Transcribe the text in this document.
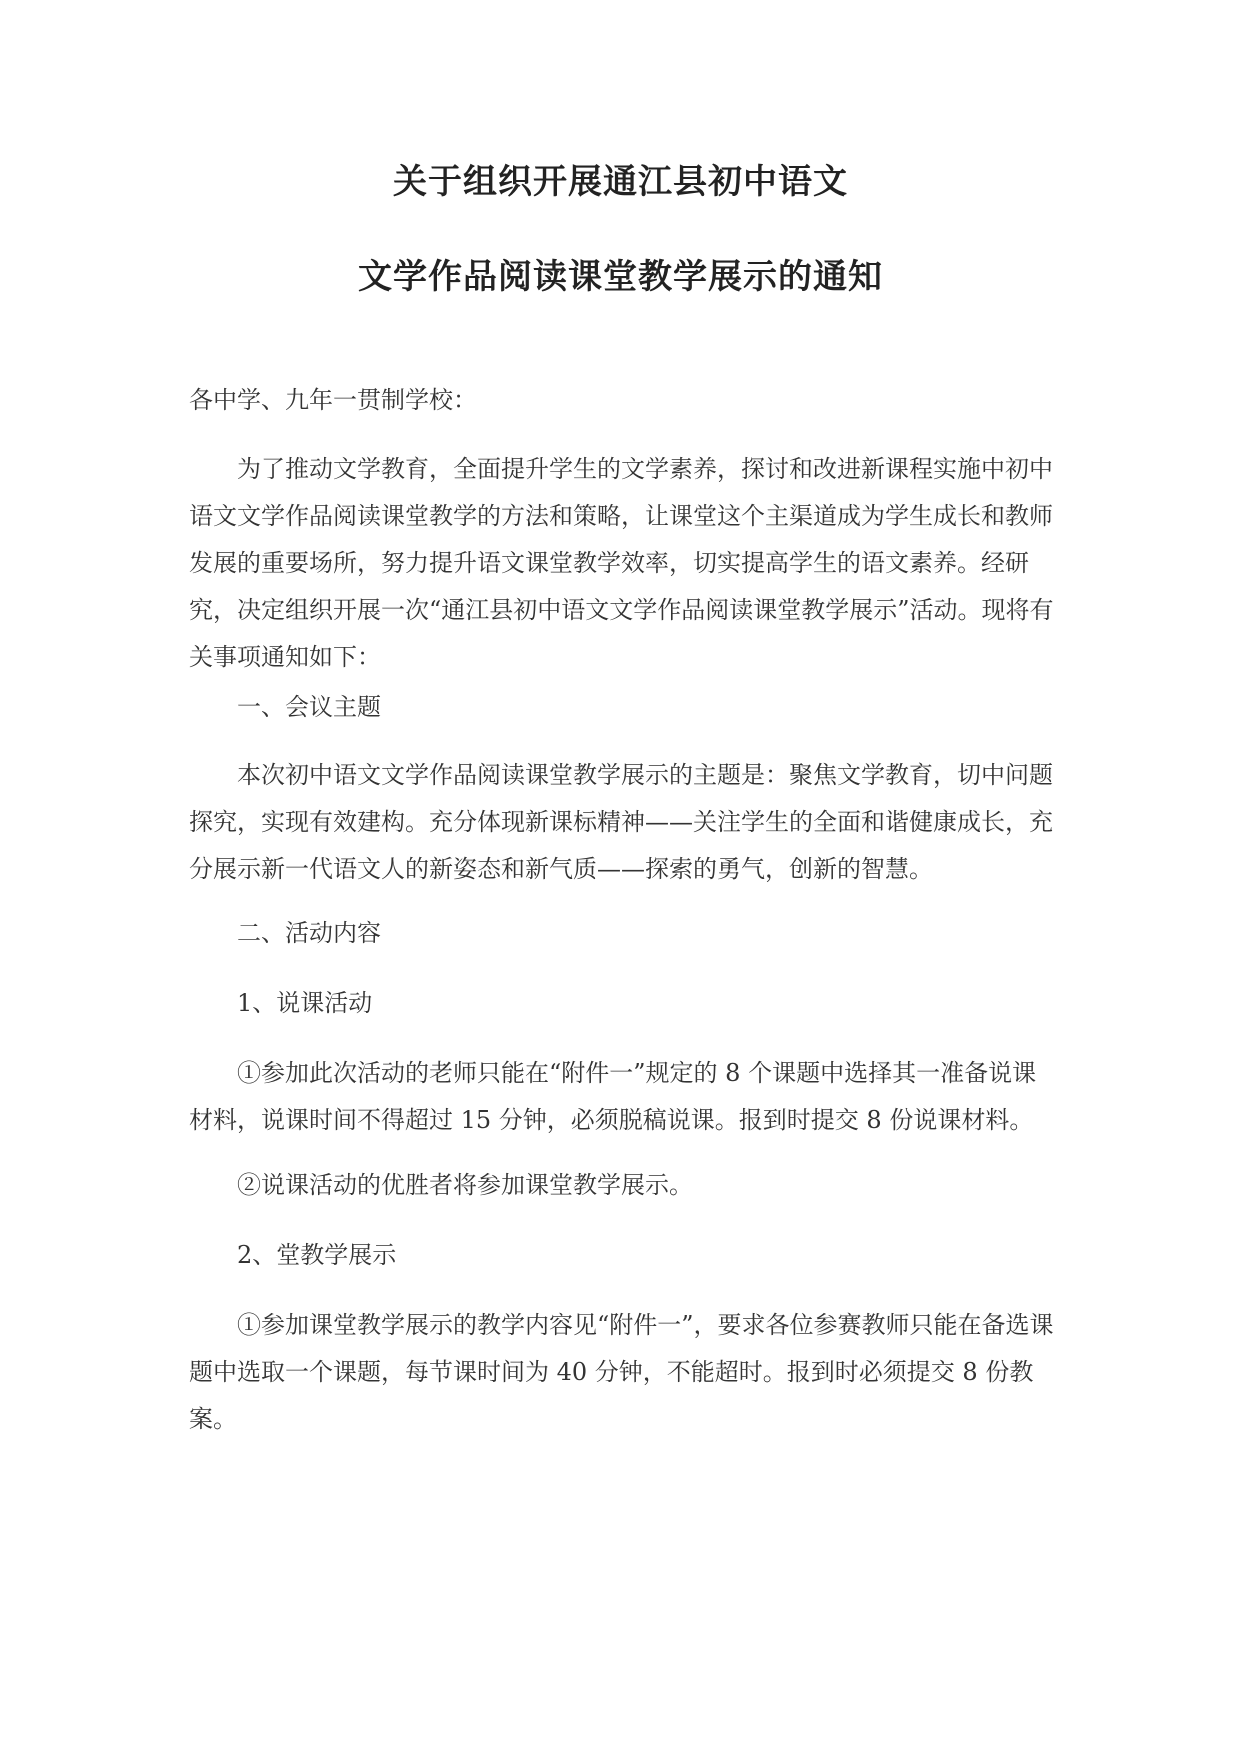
关于组织开展通江县初中语文
文学作品阅读课堂教学展示的通知

各中学、九年一贯制学校：

为了推动文学教育，全面提升学生的文学素养，探讨和改进新课程实施中初中语文文学作品阅读课堂教学的方法和策略，让课堂这个主渠道成为学生成长和教师发展的重要场所，努力提升语文课堂教学效率，切实提高学生的语文素养。经研究，决定组织开展一次“通江县初中语文文学作品阅读课堂教学展示”活动。现将有关事项通知如下：

一、会议主题

本次初中语文文学作品阅读课堂教学展示的主题是：聚焦文学教育，切中问题探究，实现有效建构。充分体现新课标精神——关注学生的全面和谐健康成长，充分展示新一代语文人的新姿态和新气质——探索的勇气，创新的智慧。

二、活动内容

1、说课活动

①参加此次活动的老师只能在“附件一”规定的 8 个课题中选择其一准备说课材料，说课时间不得超过 15 分钟，必须脱稿说课。报到时提交 8 份说课材料。

②说课活动的优胜者将参加课堂教学展示。

2、堂教学展示

①参加课堂教学展示的教学内容见“附件一”，要求各位参赛教师只能在备选课题中选取一个课题，每节课时间为 40 分钟，不能超时。报到时必须提交 8 份教案。
